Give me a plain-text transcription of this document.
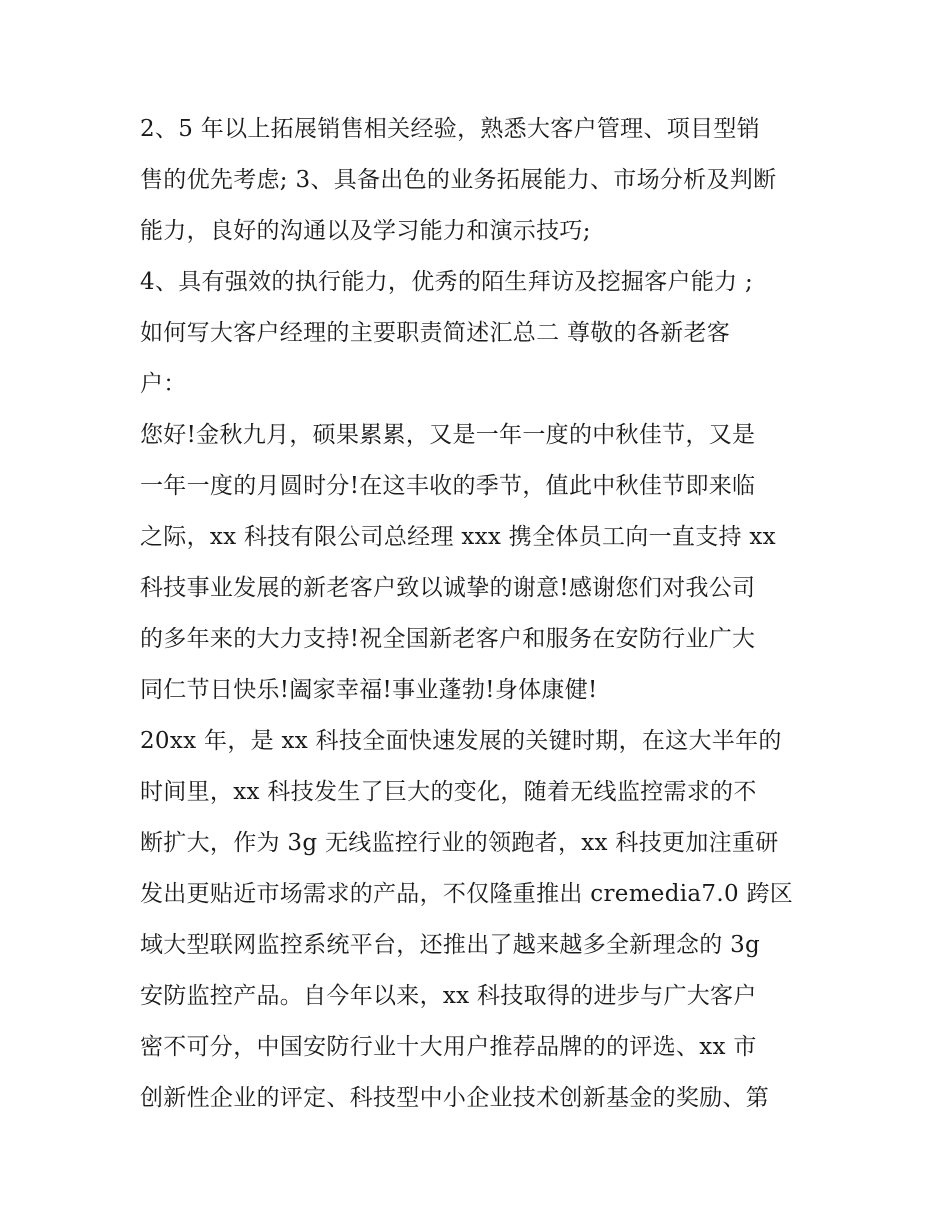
2、5 年以上拓展销售相关经验，熟悉大客户管理、项目型销
售的优先考虑; 3、具备出色的业务拓展能力、市场分析及判断
能力，良好的沟通以及学习能力和演示技巧;
4、具有强效的执行能力，优秀的陌生拜访及挖掘客户能力 ;
如何写大客户经理的主要职责简述汇总二 尊敬的各新老客
户：
您好!金秋九月，硕果累累，又是一年一度的中秋佳节，又是
一年一度的月圆时分!在这丰收的季节，值此中秋佳节即来临
之际，xx 科技有限公司总经理 xxx 携全体员工向一直支持 xx
科技事业发展的新老客户致以诚挚的谢意!感谢您们对我公司
的多年来的大力支持!祝全国新老客户和服务在安防行业广大
同仁节日快乐!阖家幸福!事业蓬勃!身体康健!
20xx 年，是 xx 科技全面快速发展的关键时期，在这大半年的
时间里，xx 科技发生了巨大的变化，随着无线监控需求的不
断扩大，作为 3g 无线监控行业的领跑者，xx 科技更加注重研
发出更贴近市场需求的产品，不仅隆重推出 cremedia7.0 跨区
域大型联网监控系统平台，还推出了越来越多全新理念的 3g
安防监控产品。自今年以来，xx 科技取得的进步与广大客户
密不可分，中国安防行业十大用户推荐品牌的的评选、xx 市
创新性企业的评定、科技型中小企业技术创新基金的奖励、第
